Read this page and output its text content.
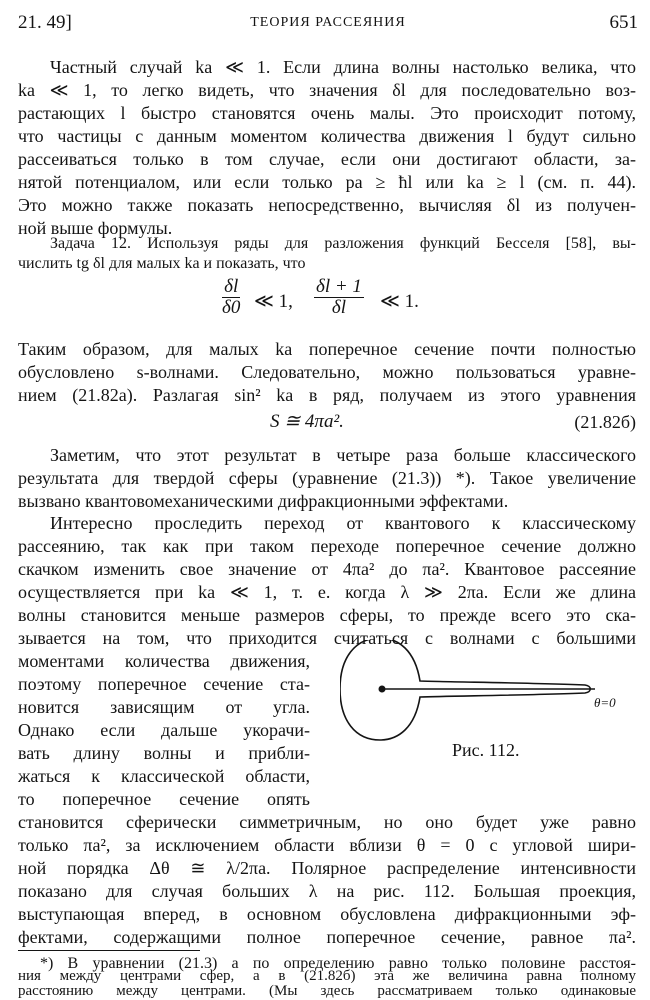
21. 49]	ТЕОРИЯ РАССЕЯНИЯ	651
Частный случай ka ≪ 1. Если длина волны настолько велика, что
ka ≪ 1, то легко видеть, что значения δl для последовательно воз-
растающих l быстро становятся очень малы. Это происходит потому,
что частицы с данным моментом количества движения l будут сильно
рассеиваться только в том случае, если они достигают области, за-
нятой потенциалом, или если только pa ≥ ħl или ka ≥ l (см. п. 44).
Это можно также показать непосредственно, вычисляя δl из получен-
ной выше формулы.
Задача 12. Используя ряды для разложения функций Бесселя [58], вы-
числить tg δl для малых ka и показать, что
$\frac{\delta l}{\delta 0}$ ≪ 1, $\frac{\delta l + 1}{\delta l}$ ≪ 1.
Таким образом, для малых ka поперечное сечение почти полностью
обусловлено s-волнами. Следовательно, можно пользоваться уравне-
нием (21.82а). Разлагая sin² ka в ряд, получаем из этого уравнения
S ≅ 4πa².	(21.82б)
Заметим, что этот результат в четыре раза больше классического
результата для твердой сферы (уравнение (21.3)) *). Такое увеличение
вызвано квантовомеханическими дифракционными эффектами.
Интересно проследить переход от квантового к классическому
рассеянию, так как при таком переходе поперечное сечение должно
скачком изменить свое значение от 4πa² до πa². Квантовое рассеяние
осуществляется при ka ≪ 1, т. е. когда λ ≫ 2πa. Если же длина
волны становится меньше размеров сферы, то прежде всего это ска-
зывается на том, что приходится считаться с волнами с большими
моментами количества движения,
поэтому поперечное сечение ста-
новится зависящим от угла.
Однако если дальше укорачи-
вать длину волны и прибли-
жаться к классической области,
то поперечное сечение опять
θ=0
Рис. 112.
становится сферически симметричным, но оно будет уже равно
только πa², за исключением области вблизи θ = 0 с угловой шири-
ной порядка Δθ ≅ λ/2πa. Полярное распределение интенсивности
показано для случая больших λ на рис. 112. Большая проекция,
выступающая вперед, в основном обусловлена дифракционными эф-
фектами, содержащими полное поперечное сечение, равное πa².
*) В уравнении (21.3) a по определению равно только половине расстоя-
ния между центрами сфер, а в (21.82б) эта же величина равна полному
расстоянию между центрами. (Мы здесь рассматриваем только одинаковые
